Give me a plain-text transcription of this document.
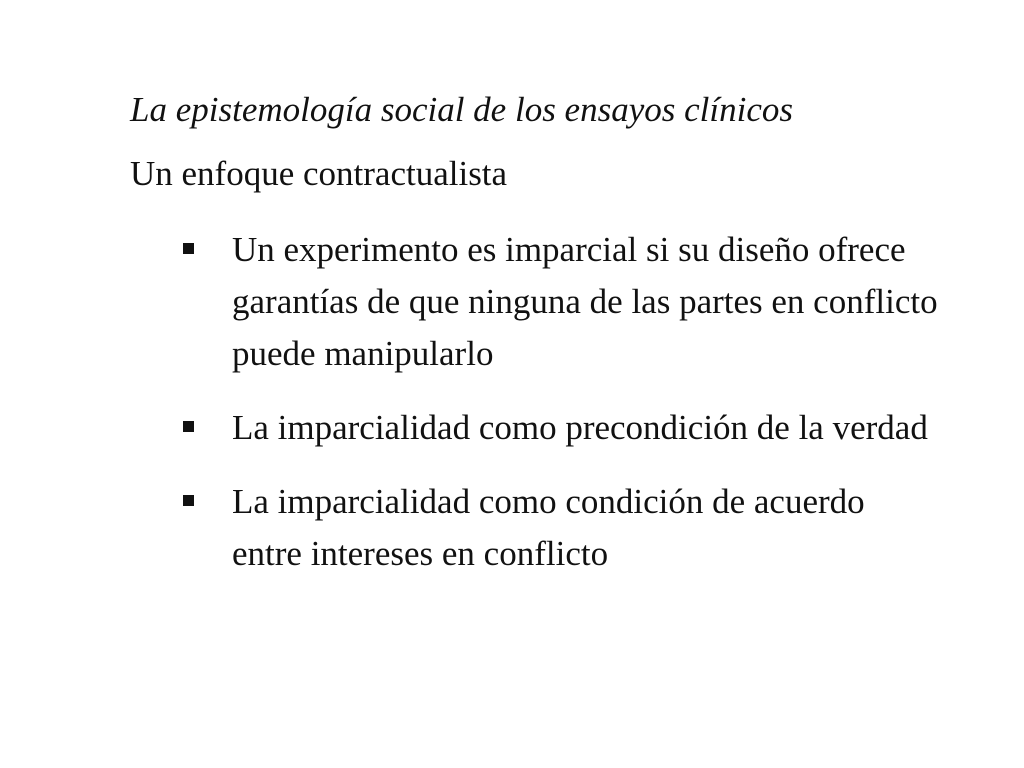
La epistemología social de los ensayos clínicos
Un enfoque contractualista
Un experimento es imparcial si su diseño ofrece garantías de que ninguna de las partes en conflicto puede manipularlo
La imparcialidad como precondición de la verdad
La imparcialidad como condición de acuerdo entre intereses en conflicto
